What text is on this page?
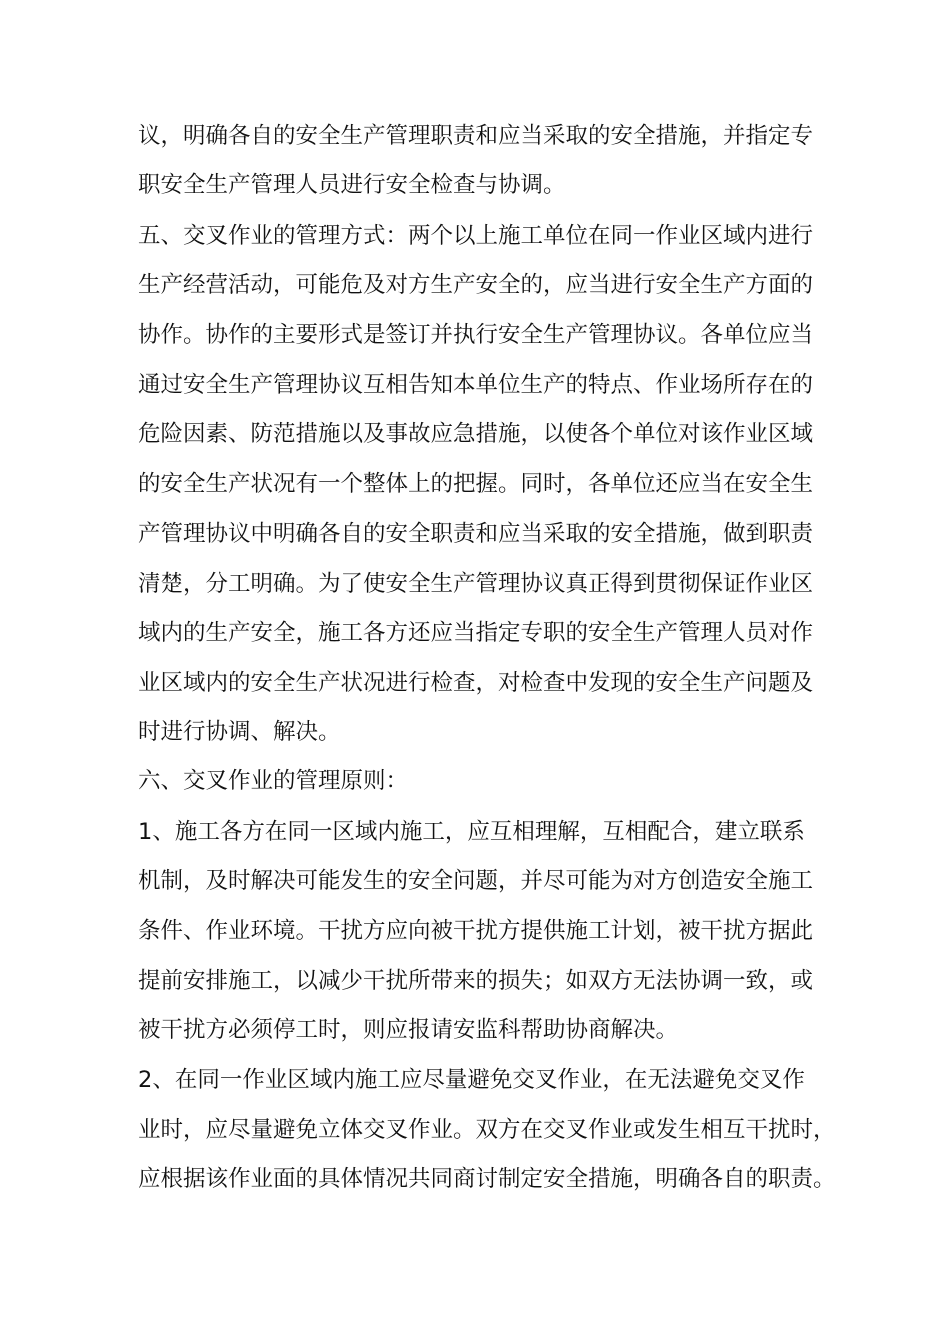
议，明确各自的安全生产管理职责和应当采取的安全措施，并指定专
职安全生产管理人员进行安全检查与协调。
五、交叉作业的管理方式：两个以上施工单位在同一作业区域内进行
生产经营活动，可能危及对方生产安全的，应当进行安全生产方面的
协作。协作的主要形式是签订并执行安全生产管理协议。各单位应当
通过安全生产管理协议互相告知本单位生产的特点、作业场所存在的
危险因素、防范措施以及事故应急措施，以使各个单位对该作业区域
的安全生产状况有一个整体上的把握。同时，各单位还应当在安全生
产管理协议中明确各自的安全职责和应当采取的安全措施，做到职责
清楚，分工明确。为了使安全生产管理协议真正得到贯彻保证作业区
域内的生产安全，施工各方还应当指定专职的安全生产管理人员对作
业区域内的安全生产状况进行检查，对检查中发现的安全生产问题及
时进行协调、解决。
六、交叉作业的管理原则：
1、施工各方在同一区域内施工，应互相理解，互相配合，建立联系
机制，及时解决可能发生的安全问题，并尽可能为对方创造安全施工
条件、作业环境。干扰方应向被干扰方提供施工计划，被干扰方据此
提前安排施工，以减少干扰所带来的损失；如双方无法协调一致，或
被干扰方必须停工时，则应报请安监科帮助协商解决。
2、在同一作业区域内施工应尽量避免交叉作业，在无法避免交叉作
业时，应尽量避免立体交叉作业。双方在交叉作业或发生相互干扰时，
应根据该作业面的具体情况共同商讨制定安全措施，明确各自的职责。
